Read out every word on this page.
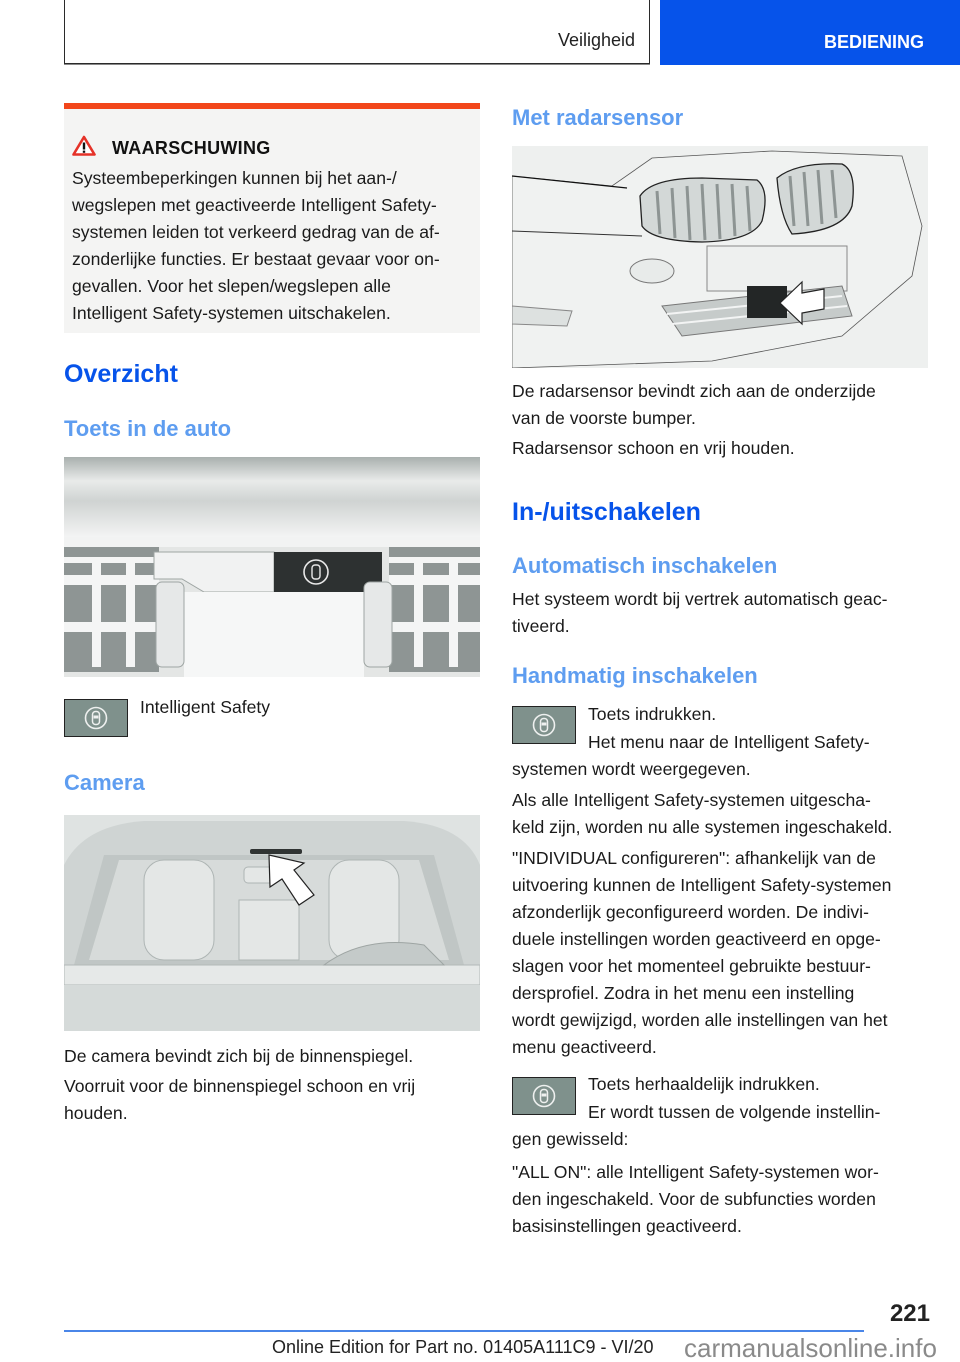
Veiligheid	BEDIENING
WAARSCHUWING
Systeembeperkingen kunnen bij het aan-/
wegslepen met geactiveerde Intelligent Safety-
systemen leiden tot verkeerd gedrag van de af-
zonderlijke functies. Er bestaat gevaar voor on-
gevallen. Voor het slepen/wegslepen alle
Intelligent Safety-systemen uitschakelen.
Overzicht
Toets in de auto
Intelligent Safety
Camera
De camera bevindt zich bij de binnenspiegel.
Voorruit voor de binnenspiegel schoon en vrij
houden.
Met radarsensor
De radarsensor bevindt zich aan de onderzijde
van de voorste bumper.
Radarsensor schoon en vrij houden.
In-/uitschakelen
Automatisch inschakelen
Het systeem wordt bij vertrek automatisch geac-
tiveerd.
Handmatig inschakelen
Toets indrukken.
Het menu naar de Intelligent Safety-
systemen wordt weergegeven.
Als alle Intelligent Safety-systemen uitgescha-
keld zijn, worden nu alle systemen ingeschakeld.
"INDIVIDUAL configureren": afhankelijk van de
uitvoering kunnen de Intelligent Safety-systemen
afzonderlijk geconfigureerd worden. De indivi-
duele instellingen worden geactiveerd en opge-
slagen voor het momenteel gebruikte bestuur-
dersprofiel. Zodra in het menu een instelling
wordt gewijzigd, worden alle instellingen van het
menu geactiveerd.
Toets herhaaldelijk indrukken.
Er wordt tussen de volgende instellin-
gen gewisseld:
"ALL ON": alle Intelligent Safety-systemen wor-
den ingeschakeld. Voor de subfuncties worden
basisinstellingen geactiveerd.
221
Online Edition for Part no. 01405A111C9 - VI/20 carmanualsonline.info
